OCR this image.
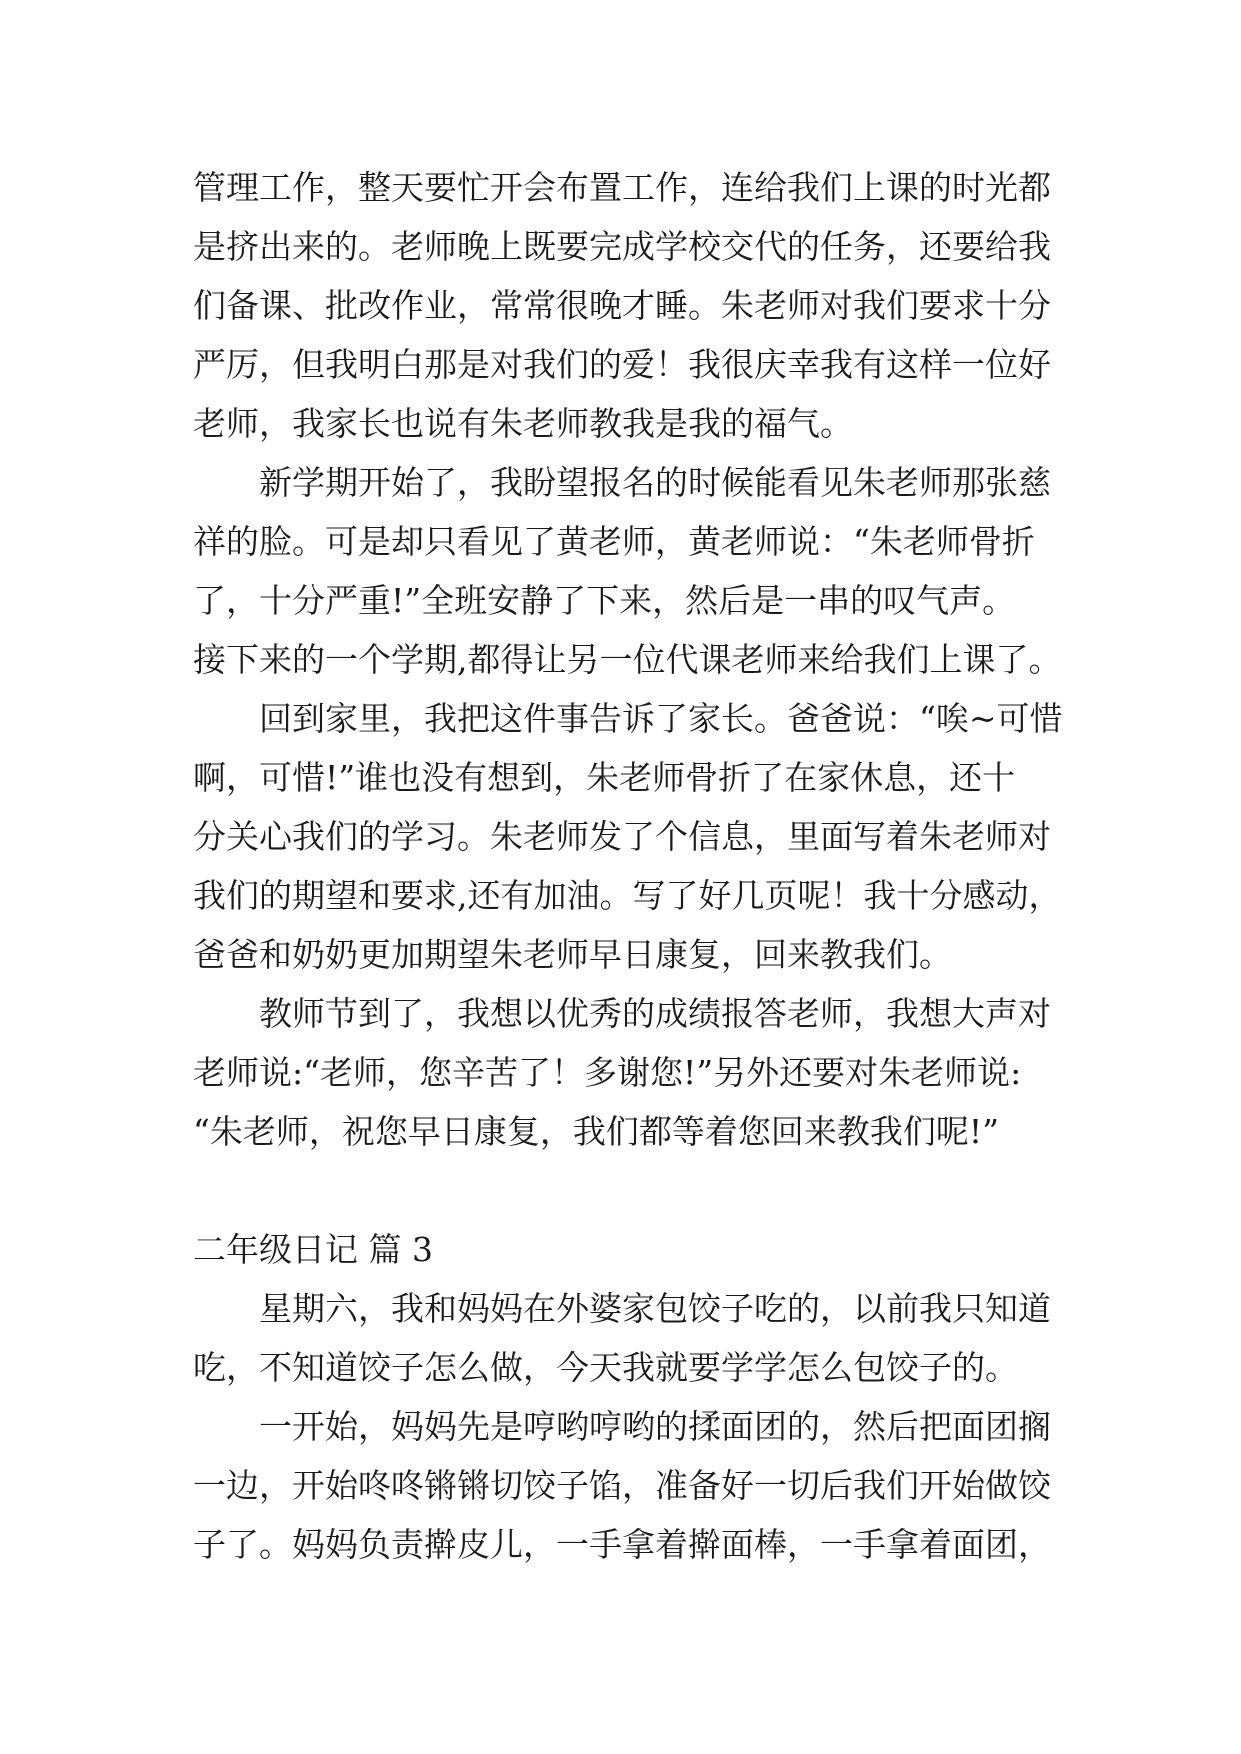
管理工作，整天要忙开会布置工作，连给我们上课的时光都
是挤出来的。老师晚上既要完成学校交代的任务，还要给我
们备课、批改作业，常常很晚才睡。朱老师对我们要求十分
严厉，但我明白那是对我们的爱！我很庆幸我有这样一位好
老师，我家长也说有朱老师教我是我的福气。
新学期开始了，我盼望报名的时候能看见朱老师那张慈
祥的脸。可是却只看见了黄老师，黄老师说：“朱老师骨折
了，十分严重!”全班安静了下来，然后是一串的叹气声。
接下来的一个学期,都得让另一位代课老师来给我们上课了。
回到家里，我把这件事告诉了家长。爸爸说：“唉~可惜
啊，可惜!”谁也没有想到，朱老师骨折了在家休息，还十
分关心我们的学习。朱老师发了个信息，里面写着朱老师对
我们的期望和要求,还有加油。写了好几页呢！我十分感动，
爸爸和奶奶更加期望朱老师早日康复，回来教我们。
教师节到了，我想以优秀的成绩报答老师，我想大声对
老师说:“老师，您辛苦了！多谢您!”另外还要对朱老师说:
“朱老师，祝您早日康复，我们都等着您回来教我们呢!”
二年级日记 篇 3
星期六，我和妈妈在外婆家包饺子吃的，以前我只知道
吃，不知道饺子怎么做，今天我就要学学怎么包饺子的。
一开始，妈妈先是哼哟哼哟的揉面团的，然后把面团搁
一边，开始咚咚锵锵切饺子馅，准备好一切后我们开始做饺
子了。妈妈负责擀皮儿，一手拿着擀面棒，一手拿着面团，
